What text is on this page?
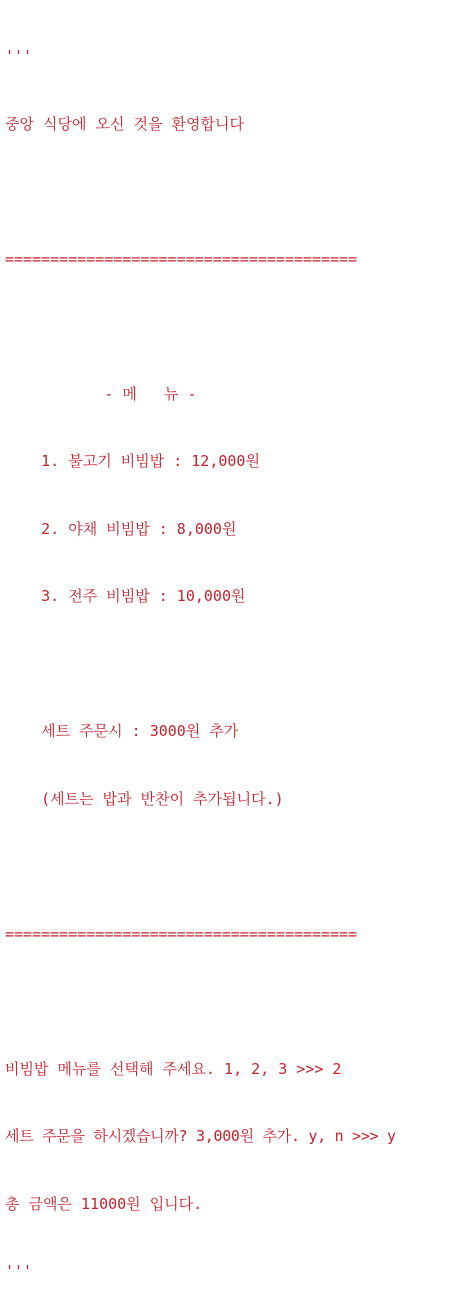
'''

중앙 식당에 오신 것을 환영합니다

=======================================

- 메   뉴 -

1. 불고기 비빔밥 : 12,000원

2. 야채 비빔밥 : 8,000원

3. 전주 비빔밥 : 10,000원

세트 주문시 : 3000원 추가

(세트는 밥과 반찬이 추가됩니다.)

=======================================

비빔밥 메뉴를 선택해 주세요. 1, 2, 3 >>> 2

세트 주문을 하시겠습니까? 3,000원 추가. y, n >>> y

총 금액은 11000원 입니다.

'''
